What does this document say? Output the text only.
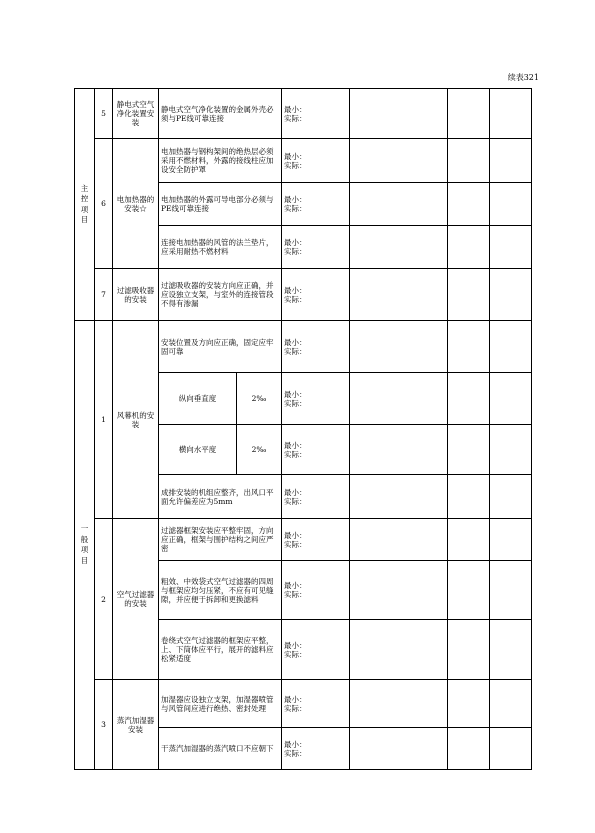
续表321
主
控
项
目	5	静电式空气净化装置安装	静电式空气净化装置的金属外壳必须与PE线可靠连接		最小：
实际：			

	6	电加热器的安装☆	电加热器与钢构架间的绝热层必须采用不燃材料，外露的接线柱应加设安全防护罩		最小：
实际：			

			电加热器的外露可导电部分必须与PE线可靠连接		最小：
实际：			

			连接电加热器的风管的法兰垫片，应采用耐热不燃材料		最小：
实际：			

	7	过滤吸收器的安装	过滤吸收器的安装方向应正确，并应设独立支架，与室外的连接管段不得有渗漏		最小：
实际：			

一
般
项
目	1	风幕机的安装	安装位置及方向应正确，固定应牢固可靠		最小：
实际：			

			纵向垂直度	2‰	最小：
实际：			

			横向水平度	2‰	最小：
实际：			

			成排安装的机组应整齐，出风口平面允许偏差应为5mm		最小：
实际：			

	2	空气过滤器的安装	过滤器框架安装应平整牢固，方向应正确，框架与围护结构之间应严密		最小：
实际：			

			粗效、中效袋式空气过滤器的四周与框架应均匀压紧，不应有可见缝隙，并应便于拆卸和更换滤料		最小：
实际：			

			卷绕式空气过滤器的框架应平整，上、下筒体应平行，展开的滤料应松紧适度		最小：
实际：			

	3	蒸汽加湿器安装	加湿器应设独立支架，加湿器喷管与风管间应进行绝热、密封处理		最小：
实际：			

			干蒸汽加湿器的蒸汽喷口不应朝下		最小：
实际：			
